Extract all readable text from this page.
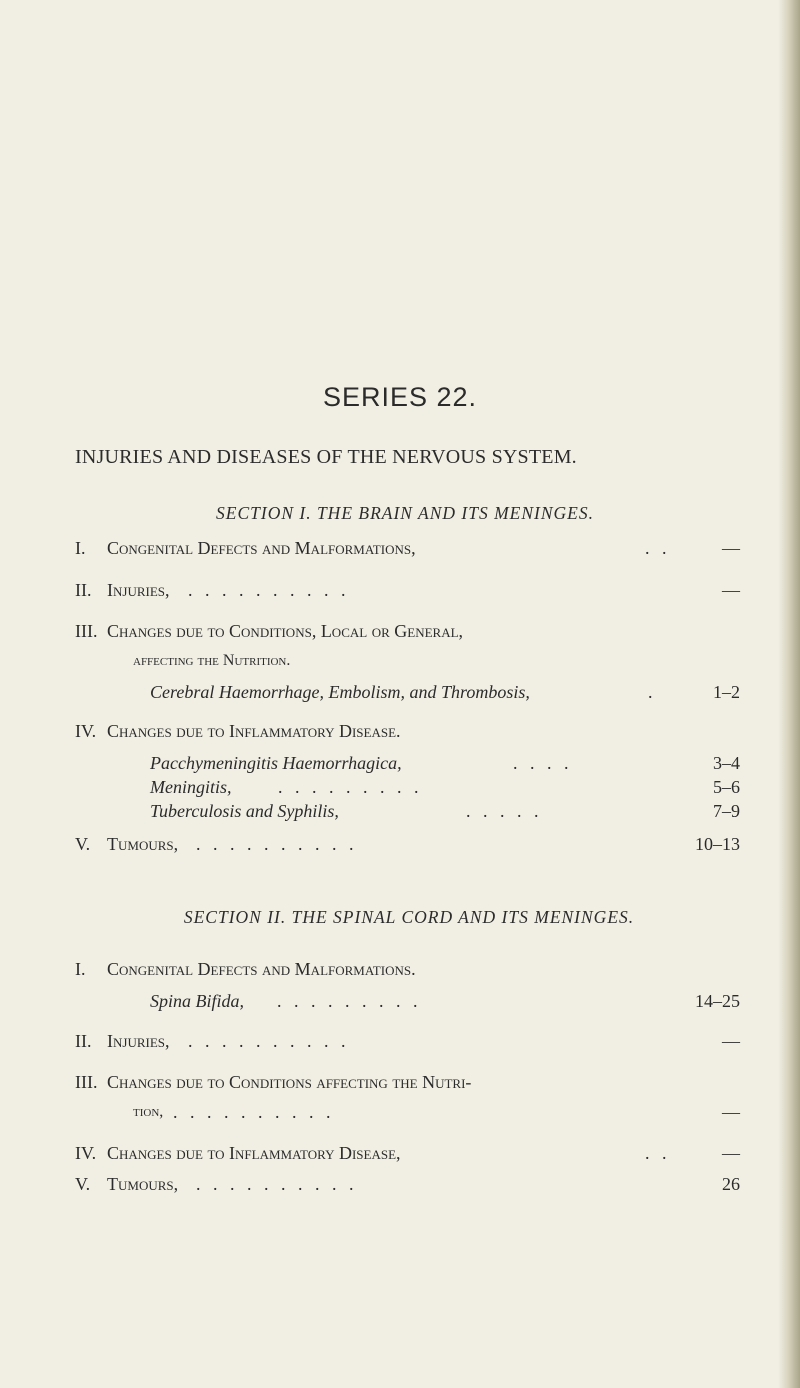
SERIES 22.
INJURIES AND DISEASES OF THE NERVOUS SYSTEM.
SECTION I. THE BRAIN AND ITS MENINGES.
I. Congenital Defects and Malformations,	. .	—
II. Injuries, . . . . . . . . . .	—
III. Changes due to Conditions, Local or General,
affecting the Nutrition.
Cerebral Haemorrhage, Embolism, and Thrombosis,	.	1–2
IV. Changes due to Inflammatory Disease.
Pacchymeningitis Haemorrhagica,	. . . .	3–4
Meningitis,	. . . . . . . . .	5–6
Tuberculosis and Syphilis,	. . . . .	7–9
V. Tumours, . . . . . . . . . .	10–13
SECTION II. THE SPINAL CORD AND ITS MENINGES.
I. Congenital Defects and Malformations.
Spina Bifida, . . . . . . . . .	14–25
II. Injuries, . . . . . . . . . .	—
III. Changes due to Conditions affecting the Nutri-
tion, . . . . . . . . . .	—
IV. Changes due to Inflammatory Disease,	. .	—
V. Tumours, . . . . . . . . . .	26
